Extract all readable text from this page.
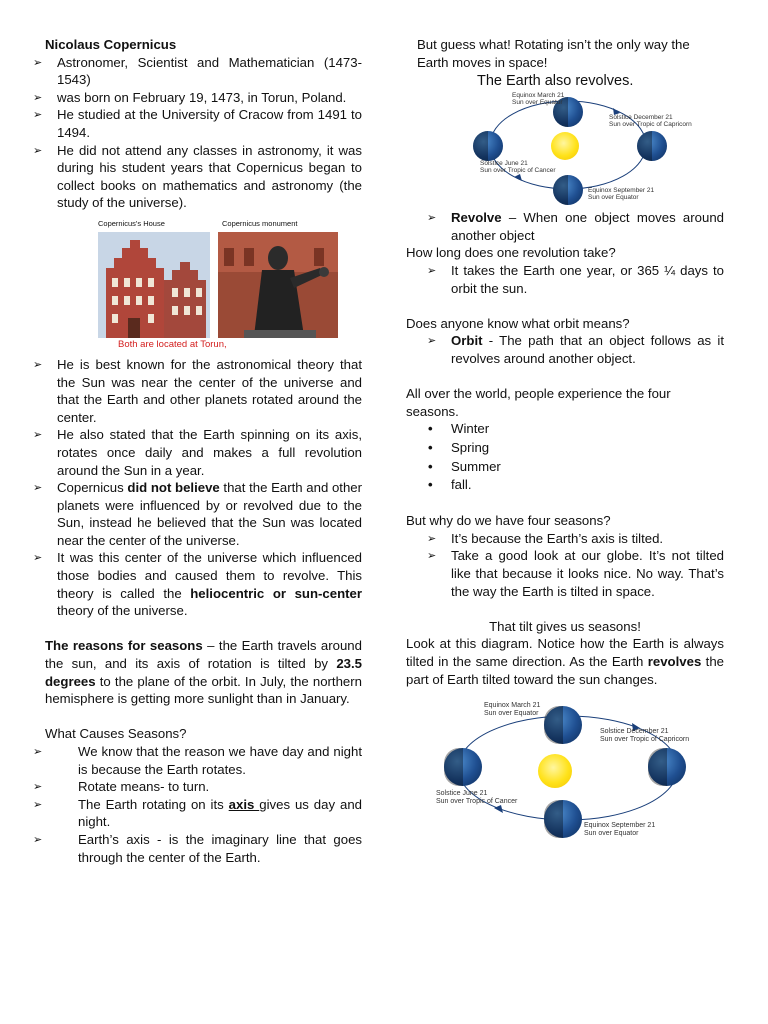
Nicolaus Copernicus

➢ Astronomer, Scientist and Mathematician (1473-1543)
➢ was born on February 19, 1473, in Torun, Poland.
➢ He studied at the University of Cracow from 1491 to 1494.
➢ He did not attend any classes in astronomy, it was during his student years that Copernicus began to collect books on mathematics and astronomy (the study of the universe).
Copernicus's House	Copernicus monument
Both are located at Torun,
➢ He is best known for the astronomical theory that the Sun was near the center of the universe and that the Earth and other planets rotated around the center.
➢ He also stated that the Earth spinning on its axis, rotates once daily and makes a full revolution around the Sun in a year.
➢ Copernicus did not believe that the Earth and other planets were influenced by or revolved due to the Sun, instead he believed that the Sun was located near the center of the universe.
➢ It was this center of the universe which influenced those bodies and caused them to revolve. This theory is called the heliocentric or sun-center theory of the universe.

The reasons for seasons – the Earth travels around the sun, and its axis of rotation is tilted by 23.5 degrees to the plane of the orbit. In July, the northern hemisphere is getting more sunlight than in January.

What Causes Seasons?

➢ We know that the reason we have day and night is because the Earth rotates.
➢ Rotate means- to turn.
➢ The Earth rotating on its axis gives us day and night.
➢ Earth’s axis - is the imaginary line that goes through the center of the Earth.

But guess what! Rotating isn’t the only way the Earth moves in space!

The Earth also revolves.
Equinox March 21
Sun over Equator
Solstice December 21
Sun over Tropic of Capricorn
Solstice June 21
Sun over Tropic of Cancer
Equinox September 21
Sun over Equator
➢ Revolve – When one object moves around another object

How long does one revolution take?

➢ It takes the Earth one year, or 365 ¼ days to orbit the sun.

Does anyone know what orbit means?

➢ Orbit - The path that an object follows as it revolves around another object.

All over the world, people experience the four seasons.

• Winter
• Spring
• Summer
• fall.

But why do we have four seasons?

➢ It’s because the Earth’s axis is tilted.
➢ Take a good look at our globe. It’s not tilted like that because it looks nice. No way. That’s the way the Earth is tilted in space.

That tilt gives us seasons!

Look at this diagram. Notice how the Earth is always tilted in the same direction. As the Earth revolves the part of Earth tilted toward the sun changes.

Equinox March 21
Sun over Equator
Solstice December 21
Sun over Tropic of Capricorn
Solstice June 21
Sun over Tropic of Cancer
Equinox September 21
Sun over Equator
